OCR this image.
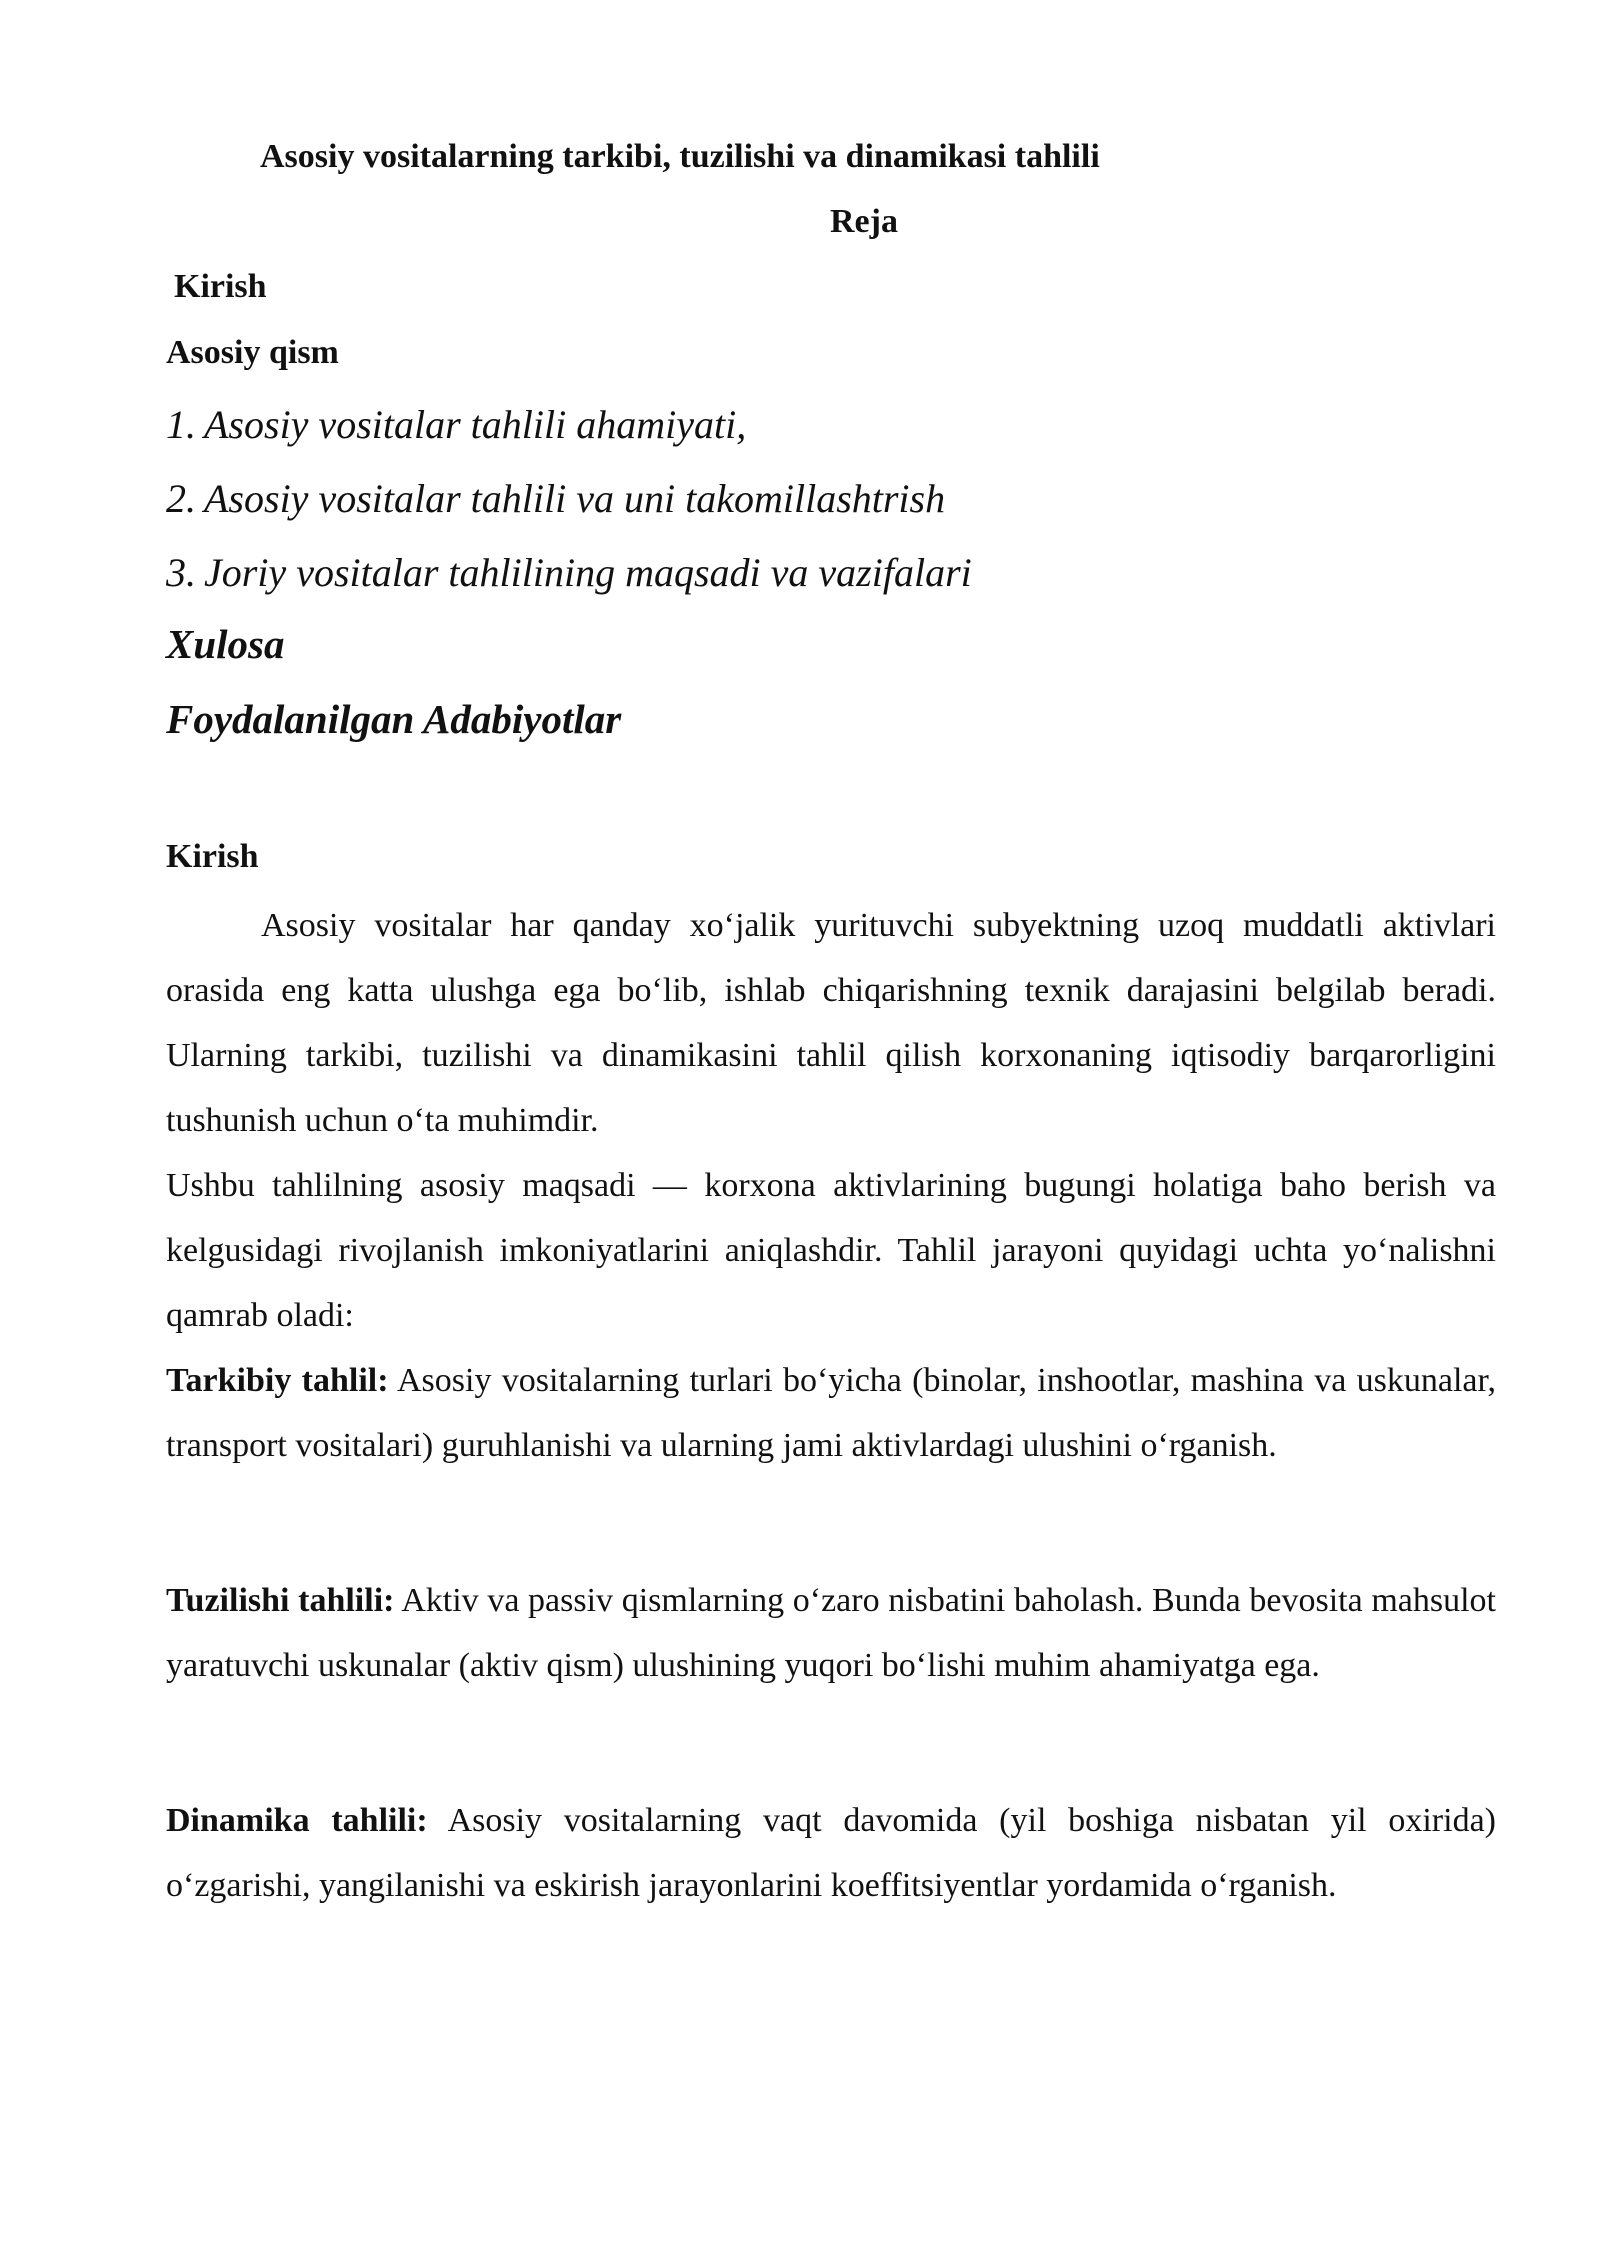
Asosiy vositalarning tarkibi, tuzilishi va dinamikasi tahlili
Reja
Kirish
Asosiy qism
1. Asosiy vositalar tahlili ahamiyati,
2. Asosiy vositalar tahlili va uni takomillashtrish
3. Joriy vositalar tahlilining maqsadi va vazifalari
Xulosa
Foydalanilgan Adabiyotlar
Kirish

Asosiy vositalar har qanday xo‘jalik yurituvchi subyektning uzoq muddatli aktivlari orasida eng katta ulushga ega bo‘lib, ishlab chiqarishning texnik darajasini belgilab beradi. Ularning tarkibi, tuzilishi va dinamikasini tahlil qilish korxonaning iqtisodiy barqarorligini tushunish uchun o‘ta muhimdir.

Ushbu tahlilning asosiy maqsadi — korxona aktivlarining bugungi holatiga baho berish va kelgusidagi rivojlanish imkoniyatlarini aniqlashdir. Tahlil jarayoni quyidagi uchta yo‘nalishni qamrab oladi:

Tarkibiy tahlil: Asosiy vositalarning turlari bo‘yicha (binolar, inshootlar, mashina va uskunalar, transport vositalari) guruhlanishi va ularning jami aktivlardagi ulushini o‘rganish.

Tuzilishi tahlili: Aktiv va passiv qismlarning o‘zaro nisbatini baholash. Bunda bevosita mahsulot yaratuvchi uskunalar (aktiv qism) ulushining yuqori bo‘lishi muhim ahamiyatga ega.

Dinamika tahlili: Asosiy vositalarning vaqt davomida (yil boshiga nisbatan yil oxirida) o‘zgarishi, yangilanishi va eskirish jarayonlarini koeffitsiyentlar yordamida o‘rganish.
